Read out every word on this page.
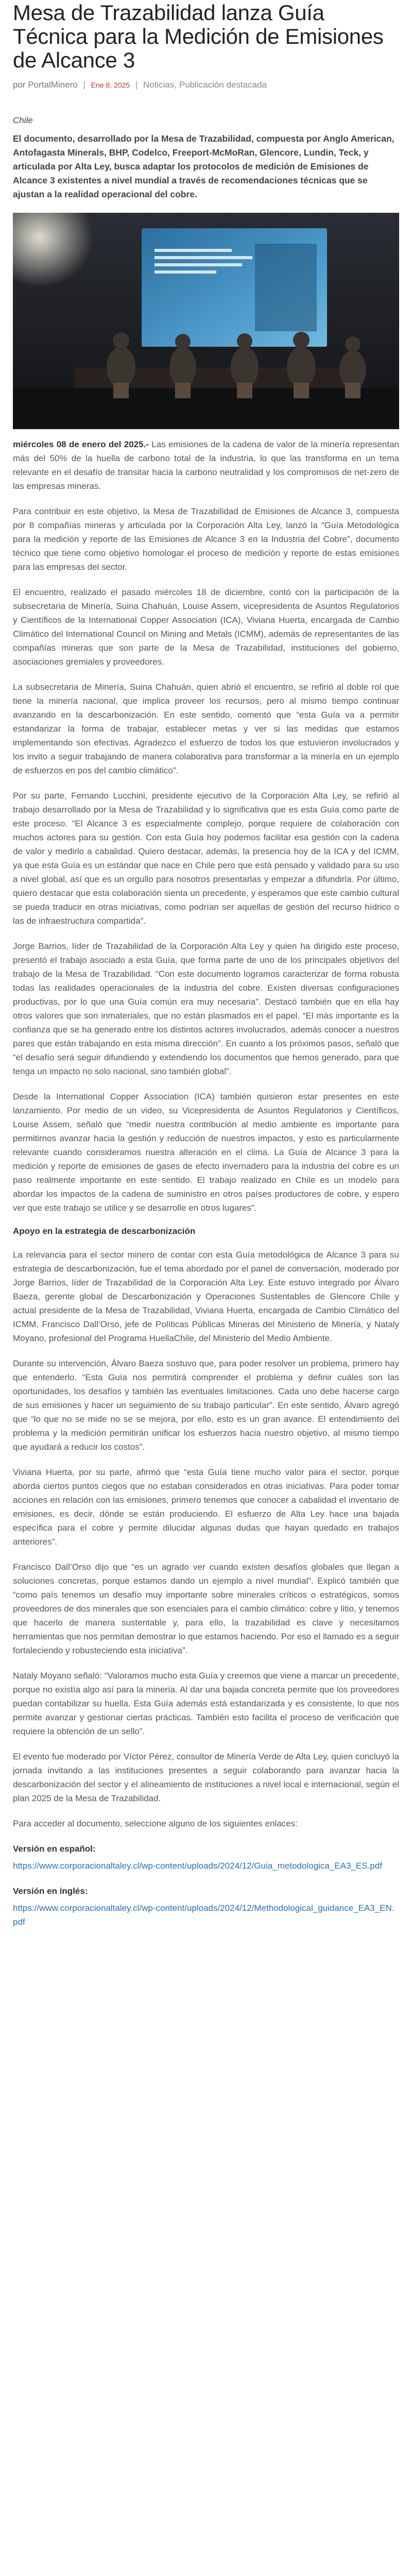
Mesa de Trazabilidad lanza Guía Técnica para la Medición de Emisiones de Alcance 3
por PortalMinero | Ene 8, 2025 | Noticias, Publicación destacada
Chile

El documento, desarrollado por la Mesa de Trazabilidad, compuesta por Anglo American, Antofagasta Minerals, BHP, Codelco, Freeport-McMoRan, Glencore, Lundin, Teck, y articulada por Alta Ley, busca adaptar los protocolos de medición de Emisiones de Alcance 3 existentes a nivel mundial a través de recomendaciones técnicas que se ajustan a la realidad operacional del cobre.

miércoles 08 de enero del 2025.- Las emisiones de la cadena de valor de la minería representan más del 50% de la huella de carbono total de la industria, lo que las transforma en un tema relevante en el desafío de transitar hacia la carbono neutralidad y los compromisos de net-zero de las empresas mineras.

Para contribuir en este objetivo, la Mesa de Trazabilidad de Emisiones de Alcance 3, compuesta por 8 compañías mineras y articulada por la Corporación Alta Ley, lanzó la “Guía Metodológica para la medición y reporte de las Emisiones de Alcance 3 en la Industria del Cobre”, documento técnico que tiene como objetivo homologar el proceso de medición y reporte de estas emisiones para las empresas del sector.

El encuentro, realizado el pasado miércoles 18 de diciembre, contó con la participación de la subsecretaria de Minería, Suina Chahuán, Louise Assem, vicepresidenta de Asuntos Regulatorios y Científicos de la International Copper Association (ICA), Viviana Huerta, encargada de Cambio Climático del International Council on Mining and Metals (ICMM), además de representantes de las compañías mineras que son parte de la Mesa de Trazabilidad, instituciones del gobierno, asociaciones gremiales y proveedores.

La subsecretaria de Minería, Suina Chahuán, quien abrió el encuentro, se refirió al doble rol que tiene la minería nacional, que implica proveer los recursos, pero al mismo tiempo continuar avanzando en la descarbonización. En este sentido, comentó que “esta Guía va a permitir estandarizar la forma de trabajar, establecer metas y ver si las medidas que estamos implementando son efectivas. Agradezco el esfuerzo de todos los que estuvieron involucrados y los invito a seguir trabajando de manera colaborativa para transformar a la minería en un ejemplo de esfuerzos en pos del cambio climático”.

Por su parte, Fernando Lucchini, presidente ejecutivo de la Corporación Alta Ley, se refirió al trabajo desarrollado por la Mesa de Trazabilidad y lo significativa que es esta Guía como parte de este proceso. “El Alcance 3 es especialmente complejo, porque requiere de colaboración con muchos actores para su gestión. Con esta Guía hoy podemos facilitar esa gestión con la cadena de valor y medirlo a cabalidad. Quiero destacar, además, la presencia hoy de la ICA y del ICMM, ya que esta Guía es un estándar que nace en Chile pero que está pensado y validado para su uso a nivel global, así que es un orgullo para nosotros presentarlas y empezar a difundirla. Por último, quiero destacar que esta colaboración sienta un precedente, y esperamos que este cambio cultural se pueda traducir en otras iniciativas, como podrían ser aquellas de gestión del recurso hídrico o las de infraestructura compartida”.

Jorge Barrios, líder de Trazabilidad de la Corporación Alta Ley y quien ha dirigido este proceso, presentó el trabajo asociado a esta Guía, que forma parte de uno de los principales objetivos del trabajo de la Mesa de Trazabilidad. “Con este documento logramos caracterizar de forma robusta todas las realidades operacionales de la industria del cobre. Existen diversas configuraciones productivas, por lo que una Guía común era muy necesaria”. Destacó también que en ella hay otros valores que son inmateriales, que no están plasmados en el papel. “El más importante es la confianza que se ha generado entre los distintos actores involucrados, además conocer a nuestros pares que están trabajando en esta misma dirección”. En cuanto a los próximos pasos, señaló que “el desafío será seguir difundiendo y extendiendo los documentos que hemos generado, para que tenga un impacto no solo nacional, sino también global”.

Desde la International Copper Association (ICA) también quisieron estar presentes en este lanzamiento. Por medio de un video, su Vicepresidenta de Asuntos Regulatorios y Científicos, Louise Assem, señaló que “medir nuestra contribución al medio ambiente es importante para permitirnos avanzar hacia la gestión y reducción de nuestros impactos, y esto es particularmente relevante cuando consideramos nuestra alteración en el clima. La Guía de Alcance 3 para la medición y reporte de emisiones de gases de efecto invernadero para la industria del cobre es un paso realmente importante en este sentido. El trabajo realizado en Chile es un modelo para abordar los impactos de la cadena de suministro en otros países productores de cobre, y espero ver que este trabajo se utilice y se desarrolle en otros lugares”.

Apoyo en la estrategia de descarbonización

La relevancia para el sector minero de contar con esta Guía metodológica de Alcance 3 para su estrategia de descarbonización, fue el tema abordado por el panel de conversación, moderado por Jorge Barrios, líder de Trazabilidad de la Corporación Alta Ley. Este estuvo integrado por Álvaro Baeza, gerente global de Descarbonización y Operaciones Sustentables de Glencore Chile y actual presidente de la Mesa de Trazabilidad, Viviana Huerta, encargada de Cambio Climático del ICMM, Francisco Dall’Orso, jefe de Políticas Públicas Mineras del Ministerio de Minería, y Nataly Moyano, profesional del Programa HuellaChile, del Ministerio del Medio Ambiente.

Durante su intervención, Álvaro Baeza sostuvo que, para poder resolver un problema, primero hay que entenderlo. “Esta Guía nos permitirá comprender el problema y definir cuáles son las oportunidades, los desafíos y también las eventuales limitaciones. Cada uno debe hacerse cargo de sus emisiones y hacer un seguimiento de su trabajo particular”. En este sentido, Álvaro agregó que “lo que no se mide no se se mejora, por ello, esto es un gran avance. El entendimiento del problema y la medición permitirán unificar los esfuerzos hacia nuestro objetivo, al mismo tiempo que ayudará a reducir los costos”.

Viviana Huerta, por su parte, afirmó que “esta Guía tiene mucho valor para el sector, porque aborda ciertos puntos ciegos que no estaban considerados en otras iniciativas. Para poder tomar acciones en relación con las emisiones, primero tenemos que conocer a cabalidad el inventario de emisiones, es decir, dónde se están produciendo. El esfuerzo de Alta Ley hace una bajada específica para el cobre y permite dilucidar algunas dudas que hayan quedado en trabajos anteriores”.

Francisco Dall’Orso dijo que “es un agrado ver cuando existen desafíos globales que llegan a soluciones concretas, porque estamos dando un ejemplo a nivel mundial”. Explicó también que “como país tenemos un desafío muy importante sobre minerales críticos o estratégicos, somos proveedores de dos minerales que son esenciales para el cambio climático: cobre y litio, y tenemos que hacerlo de manera sustentable y, para ello, la trazabilidad es clave y necesitamos herramientas que nos permitan demostrar lo que estamos haciendo. Por eso el llamado es a seguir fortaleciendo y robusteciendo esta iniciativa”.

Nataly Moyano señaló: “Valoramos mucho esta Guía y creemos que viene a marcar un precedente, porque no existía algo así para la minería. Al dar una bajada concreta permite que los proveedores puedan contabilizar su huella. Esta Guía además está estandarizada y es consistente, lo que nos permite avanzar y gestionar ciertas prácticas. También esto facilita el proceso de verificación que requiere la obtención de un sello”.

El evento fue moderado por Víctor Pérez, consultor de Minería Verde de Alta Ley, quien concluyó la jornada invitando a las instituciones presentes a seguir colaborando para avanzar hacia la descarbonización del sector y el alineamiento de instituciones a nivel local e internacional, según el plan 2025 de la Mesa de Trazabilidad.

Para acceder al documento, seleccione alguno de los siguientes enlaces:

Versión en español:
https://www.corporacionaltaley.cl/wp-content/uploads/2024/12/Guia_metodologica_EA3_ES.pdf
Versión en inglés:
https://www.corporacionaltaley.cl/wp-content/uploads/2024/12/Methodological_guidance_EA3_EN.pdf
